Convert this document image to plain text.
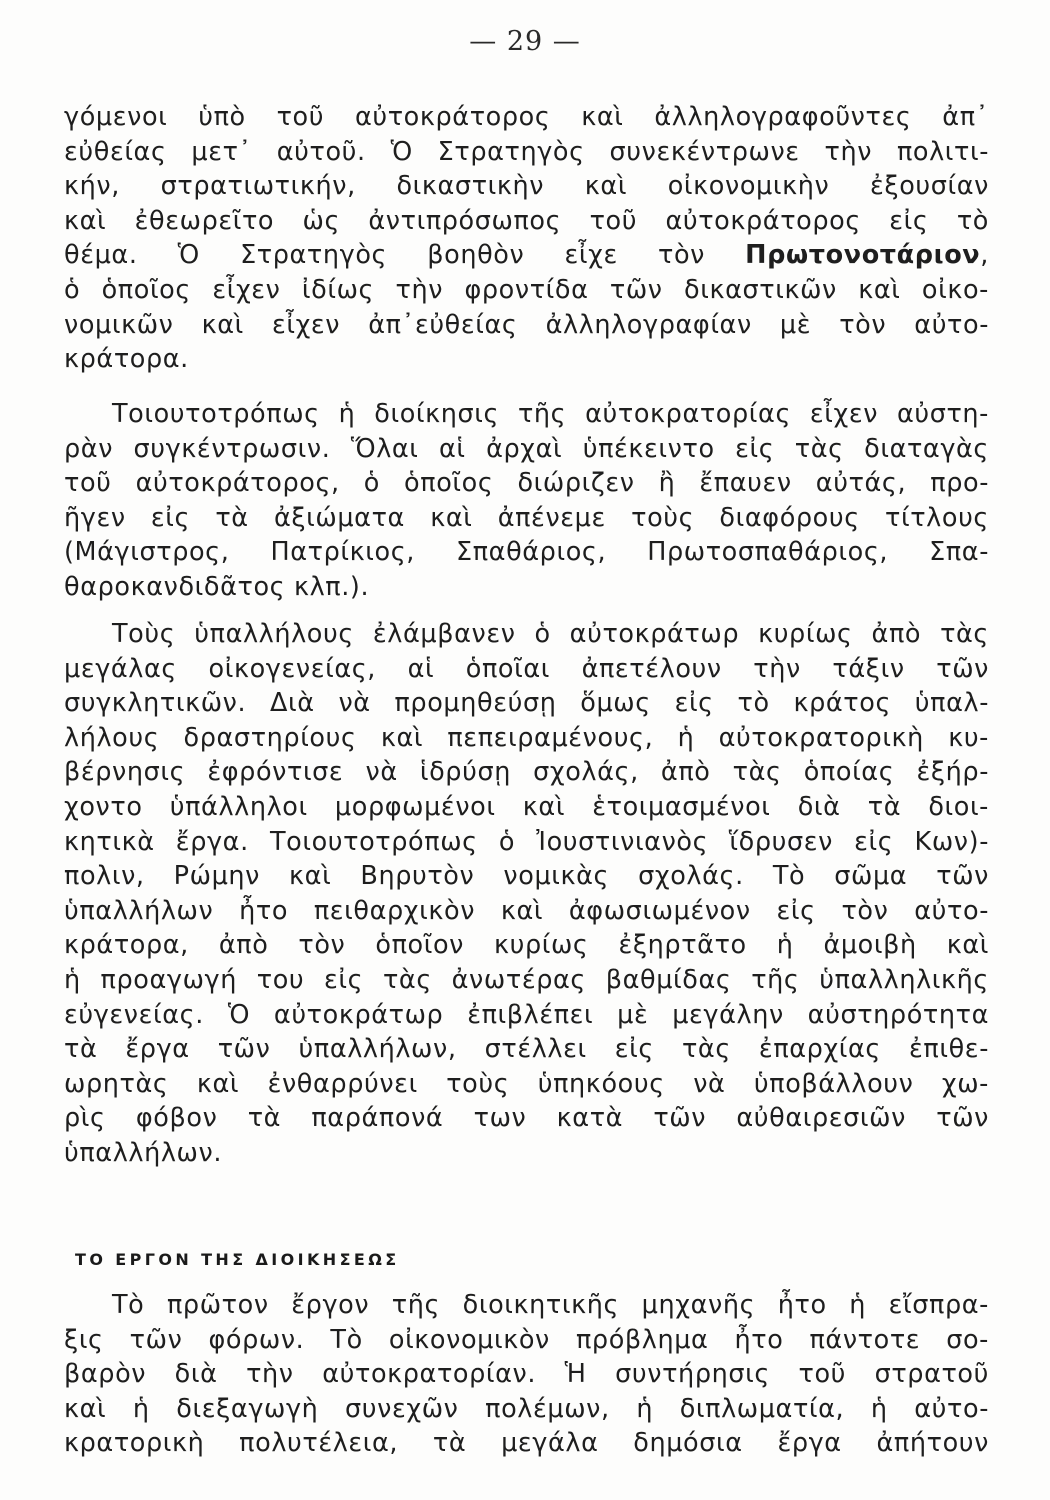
— 29 —
γόμενοι ὑπὸ τοῦ αὐτοκράτορος καὶ ἀλληλογραφοῦντες ἀπ᾽
εὐθείας μετ᾽ αὐτοῦ. Ὁ Στρατηγὸς συνεκέντρωνε τὴν πολιτι-
κήν, στρατιωτικήν, δικαστικὴν καὶ οἰκονομικὴν ἐξουσίαν
καὶ ἐθεωρεῖτο ὡς ἀντιπρόσωπος τοῦ αὐτοκράτορος εἰς τὸ
θέμα. Ὁ Στρατηγὸς βοηθὸν εἶχε τὸν Πρωτονοτάριον,
ὁ ὁποῖος εἶχεν ἰδίως τὴν φροντίδα τῶν δικαστικῶν καὶ οἰκο-
νομικῶν καὶ εἶχεν ἀπ᾽εὐθείας ἀλληλογραφίαν μὲ τὸν αὐτο-
κράτορα.
Τοιουτοτρόπως ἡ διοίκησις τῆς αὐτοκρατορίας εἶχεν αὐστη-
ρὰν συγκέντρωσιν. Ὅλαι αἱ ἀρχαὶ ὑπέκειντο εἰς τὰς διαταγὰς
τοῦ αὐτοκράτορος, ὁ ὁποῖος διώριζεν ἢ ἔπαυεν αὐτάς, προ-
ῆγεν εἰς τὰ ἀξιώματα καὶ ἀπένεμε τοὺς διαφόρους τίτλους
(Μάγιστρος, Πατρίκιος, Σπαθάριος, Πρωτοσπαθάριος, Σπα-
θαροκανδιδᾶτος κλπ.).
Τοὺς ὑπαλλήλους ἐλάμβανεν ὁ αὐτοκράτωρ κυρίως ἀπὸ τὰς
μεγάλας οἰκογενείας, αἱ ὁποῖαι ἀπετέλουν τὴν τάξιν τῶν
συγκλητικῶν. Διὰ νὰ προμηθεύσῃ ὅμως εἰς τὸ κράτος ὑπαλ-
λήλους δραστηρίους καὶ πεπειραμένους, ἡ αὐτοκρατορικὴ κυ-
βέρνησις ἐφρόντισε νὰ ἱδρύσῃ σχολάς, ἀπὸ τὰς ὁποίας ἐξήρ-
χοντο ὑπάλληλοι μορφωμένοι καὶ ἑτοιμασμένοι διὰ τὰ διοι-
κητικὰ ἔργα. Τοιουτοτρόπως ὁ Ἰουστινιανὸς ἵδρυσεν εἰς Κων)-
πολιν, Ρώμην καὶ Βηρυτὸν νομικὰς σχολάς. Τὸ σῶμα τῶν
ὑπαλλήλων ἦτο πειθαρχικὸν καὶ ἀφωσιωμένον εἰς τὸν αὐτο-
κράτορα, ἀπὸ τὸν ὁποῖον κυρίως ἐξηρτᾶτο ἡ ἀμοιβὴ καὶ
ἡ προαγωγή του εἰς τὰς ἀνωτέρας βαθμίδας τῆς ὑπαλληλικῆς
εὐγενείας. Ὁ αὐτοκράτωρ ἐπιβλέπει μὲ μεγάλην αὐστηρότητα
τὰ ἔργα τῶν ὑπαλλήλων, στέλλει εἰς τὰς ἐπαρχίας ἐπιθε-
ωρητὰς καὶ ἐνθαρρύνει τοὺς ὑπηκόους νὰ ὑποβάλλουν χω-
ρὶς φόβον τὰ παράπονά των κατὰ τῶν αὐθαιρεσιῶν τῶν
ὑπαλλήλων.
ΤΟ ΕΡΓΟΝ ΤΗΣ ΔΙΟΙΚΗΣΕΩΣ
Τὸ πρῶτον ἔργον τῆς διοικητικῆς μηχανῆς ἦτο ἡ εἴσπρα-
ξις τῶν φόρων. Τὸ οἰκονομικὸν πρόβλημα ἦτο πάντοτε σο-
βαρὸν διὰ τὴν αὐτοκρατορίαν. Ἡ συντήρησις τοῦ στρατοῦ
καὶ ἡ διεξαγωγὴ συνεχῶν πολέμων, ἡ διπλωματία, ἡ αὐτο-
κρατορικὴ πολυτέλεια, τὰ μεγάλα δημόσια ἔργα ἀπήτουν
